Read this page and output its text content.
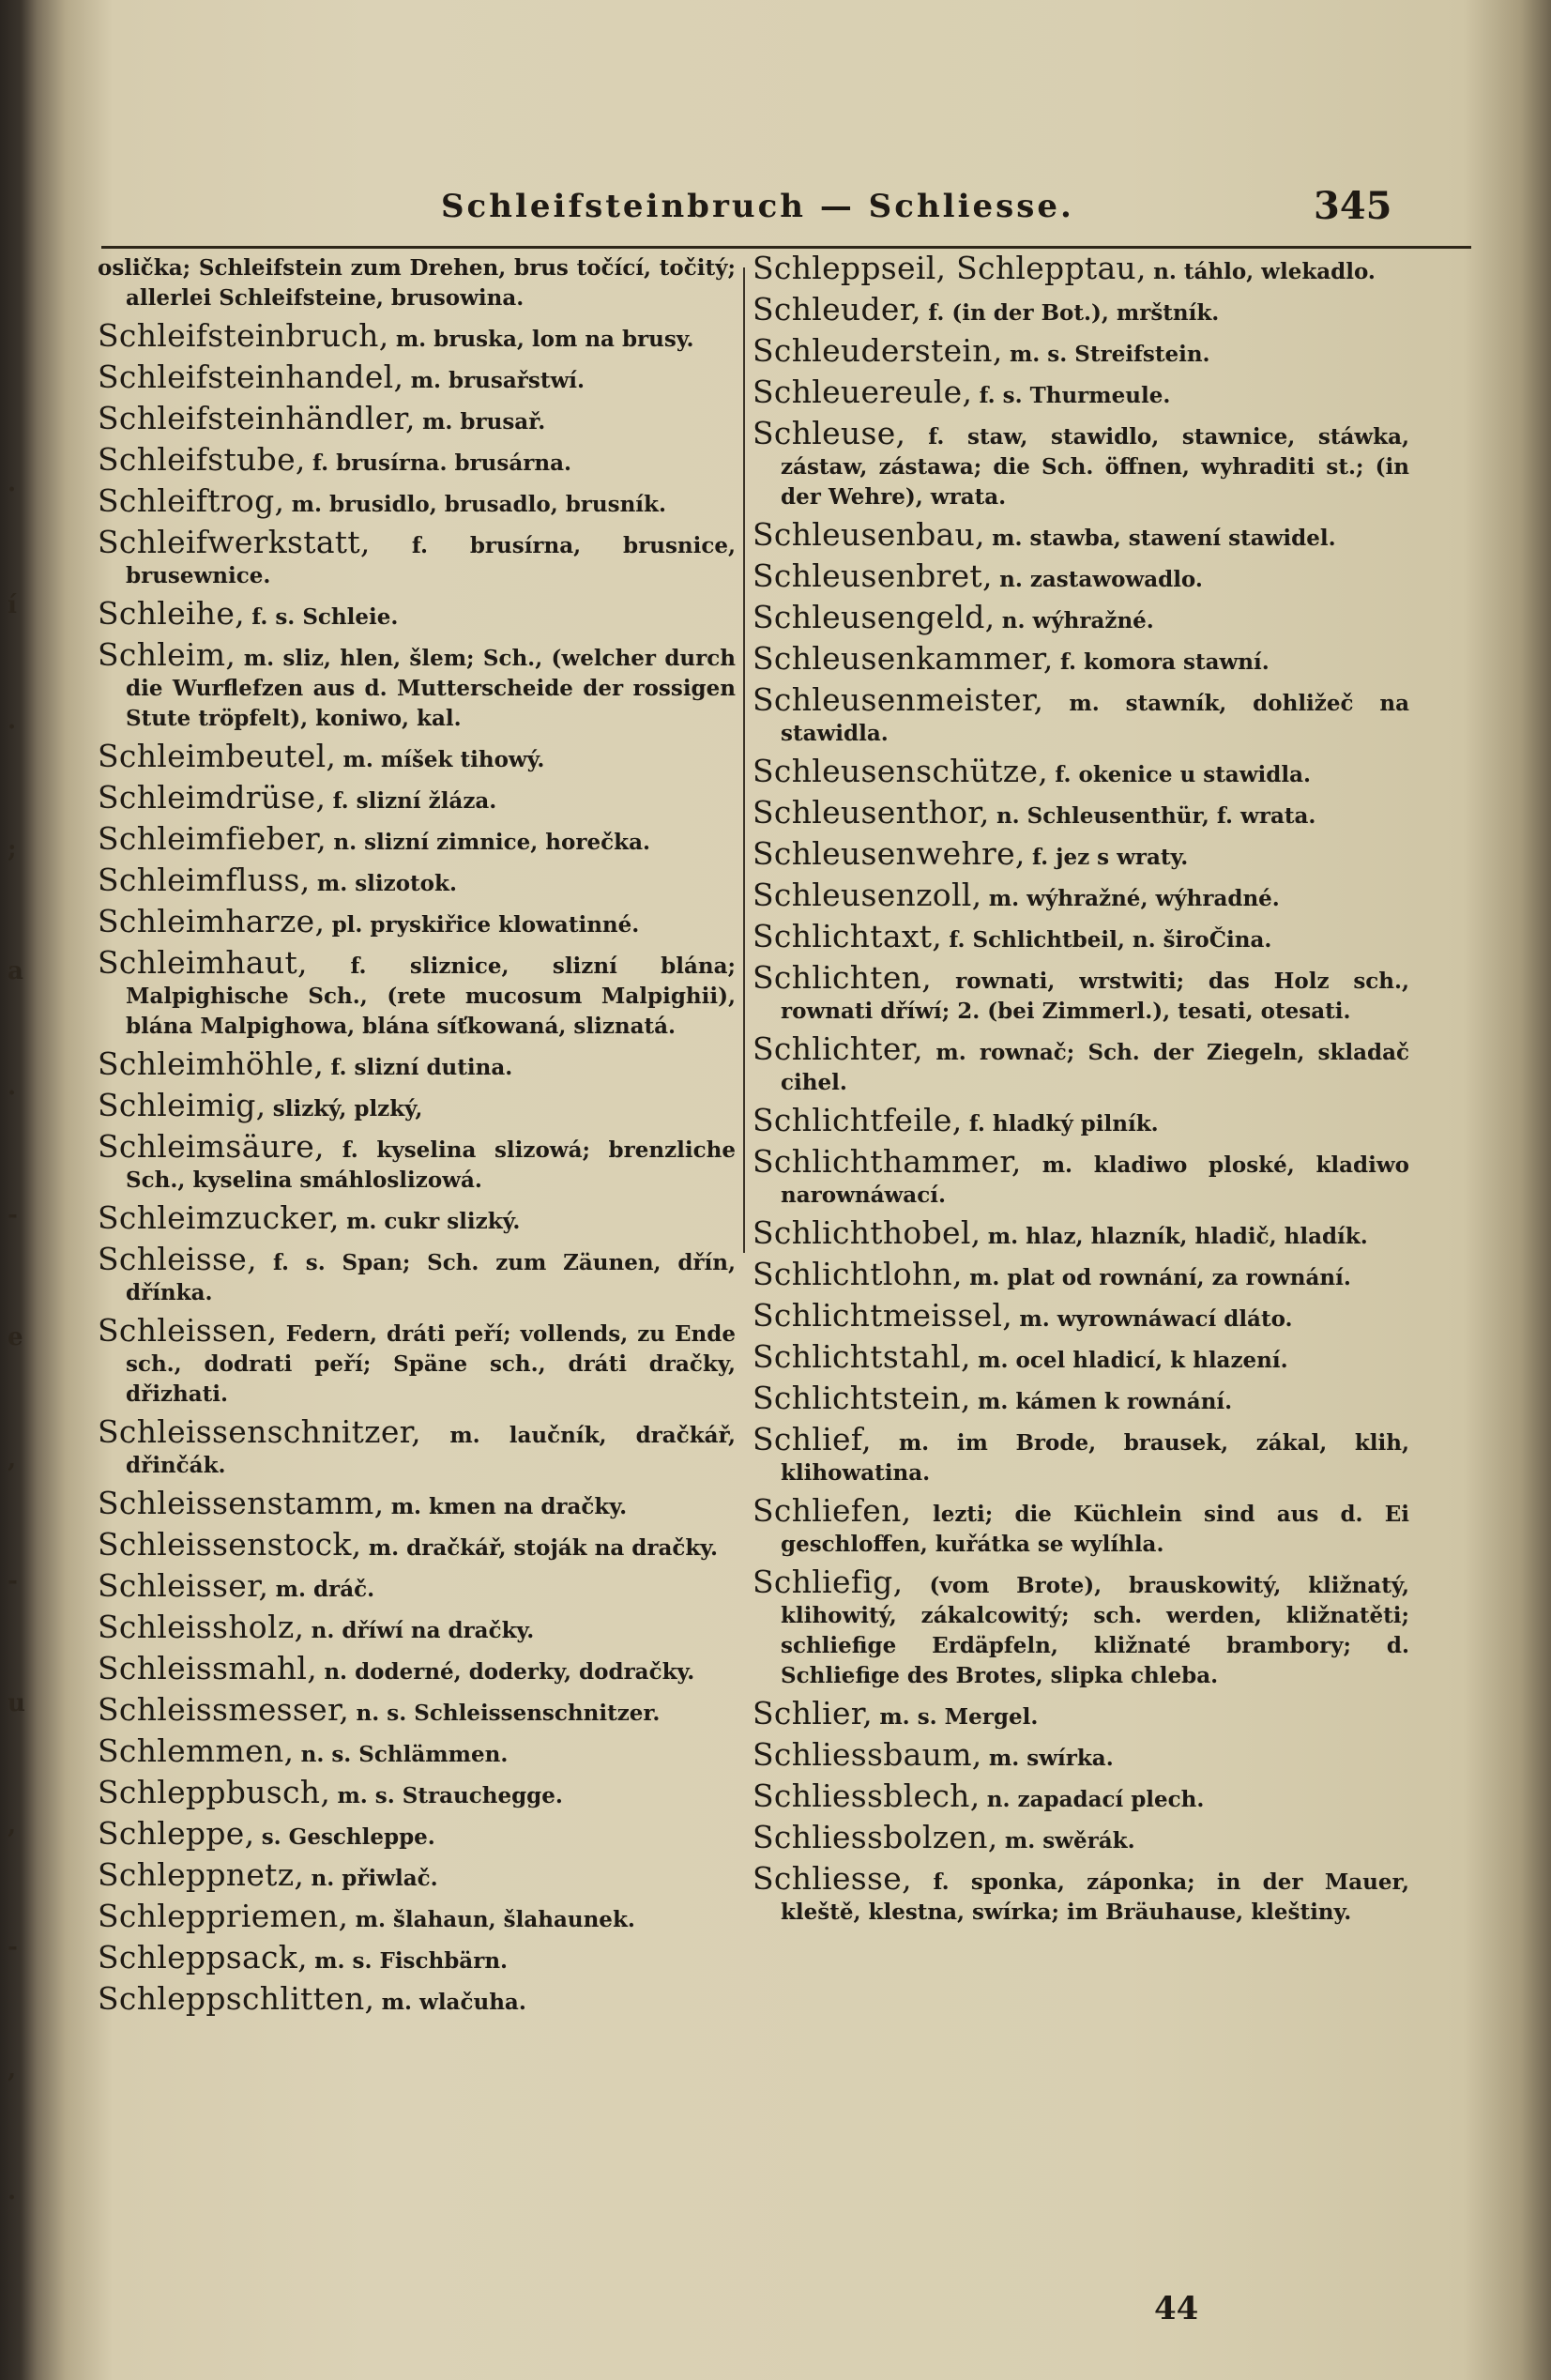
.
í
·
;
a
·
-
e
,
-
u
,
-
,
.
Schleifsteinbruch — Schliesse.	345
oslička; Schleifstein zum Drehen, brus točící, točitý; allerlei Schleifsteine, brusowina.
Schleifsteinbruch, m. bruska, lom na brusy.
Schleifsteinhandel, m. brusařstwí.
Schleifsteinhändler, m. brusař.
Schleifstube, f. brusírna. brusárna.
Schleiftrog, m. brusidlo, brusadlo, brusník.
Schleifwerkstatt, f. brusírna, brusnice, brusewnice.
Schleihe, f. s. Schleie.
Schleim, m. sliz, hlen, šlem; Sch., (welcher durch die Wurflefzen aus d. Mutterscheide der rossigen Stute tröpfelt), koniwo, kal.
Schleimbeutel, m. míšek tihowý.
Schleimdrüse, f. slizní žláza.
Schleimfieber, n. slizní zimnice, horečka.
Schleimfluss, m. slizotok.
Schleimharze, pl. pryskiřice klowatinné.
Schleimhaut, f. sliznice, slizní blána; Malpighische Sch., (rete mucosum Malpighii), blána Malpighowa, blána síťkowaná, sliznatá.
Schleimhöhle, f. slizní dutina.
Schleimig, slizký, plzký,
Schleimsäure, f. kyselina slizowá; brenzliche Sch., kyselina smáhloslizowá.
Schleimzucker, m. cukr slizký.
Schleisse, f. s. Span; Sch. zum Zäunen, dřín, dřínka.
Schleissen, Federn, dráti peří; vollends, zu Ende sch., dodrati peří; Späne sch., dráti dračky, dřizhati.
Schleissenschnitzer, m. laučník, dračkář, dřinčák.
Schleissenstamm, m. kmen na dračky.
Schleissenstock, m. dračkář, stoják na dračky.
Schleisser, m. dráč.
Schleissholz, n. dříwí na dračky.
Schleissmahl, n. doderné, doderky, dodračky.
Schleissmesser, n. s. Schleissenschnitzer.
Schlemmen, n. s. Schlämmen.
Schleppbusch, m. s. Strauchegge.
Schleppe, s. Geschleppe.
Schleppnetz, n. přiwlač.
Schleppriemen, m. šlahaun, šlahaunek.
Schleppsack, m. s. Fischbärn.
Schleppschlitten, m. wlačuha.
Schleppseil, Schlepptau, n. táhlo, wlekadlo.
Schleuder, f. (in der Bot.), mrštník.
Schleuderstein, m. s. Streifstein.
Schleuereule, f. s. Thurmeule.
Schleuse, f. staw, stawidlo, stawnice, stáwka, zástaw, zástawa; die Sch. öffnen, wyhraditi st.; (in der Wehre), wrata.
Schleusenbau, m. stawba, stawení stawidel.
Schleusenbret, n. zastawowadlo.
Schleusengeld, n. wýhražné.
Schleusenkammer, f. komora stawní.
Schleusenmeister, m. stawník, dohližeč na stawidla.
Schleusenschütze, f. okenice u stawidla.
Schleusenthor, n. Schleusenthür, f. wrata.
Schleusenwehre, f. jez s wraty.
Schleusenzoll, m. wýhražné, wýhradné.
Schlichtaxt, f. Schlichtbeil, n. široČina.
Schlichten, rownati, wrstwiti; das Holz sch., rownati dříwí; 2. (bei Zimmerl.), tesati, otesati.
Schlichter, m. rownač; Sch. der Ziegeln, skladač cihel.
Schlichtfeile, f. hladký pilník.
Schlichthammer, m. kladiwo ploské, kladiwo narownáwací.
Schlichthobel, m. hlaz, hlazník, hladič, hladík.
Schlichtlohn, m. plat od rownání, za rownání.
Schlichtmeissel, m. wyrownáwací dláto.
Schlichtstahl, m. ocel hladicí, k hlazení.
Schlichtstein, m. kámen k rownání.
Schlief, m. im Brode, brausek, zákal, klih, klihowatina.
Schliefen, lezti; die Küchlein sind aus d. Ei geschloffen, kuřátka se wylíhla.
Schliefig, (vom Brote), brauskowitý, kližnatý, klihowitý, zákalcowitý; sch. werden, kližnatěti; schliefige Erdäpfeln, kližnaté brambory; d. Schliefige des Brotes, slipka chleba.
Schlier, m. s. Mergel.
Schliessbaum, m. swírka.
Schliessblech, n. zapadací plech.
Schliessbolzen, m. swěrák.
Schliesse, f. sponka, záponka; in der Mauer, kleště, klestna, swírka; im Bräuhause, kleštiny.
44
